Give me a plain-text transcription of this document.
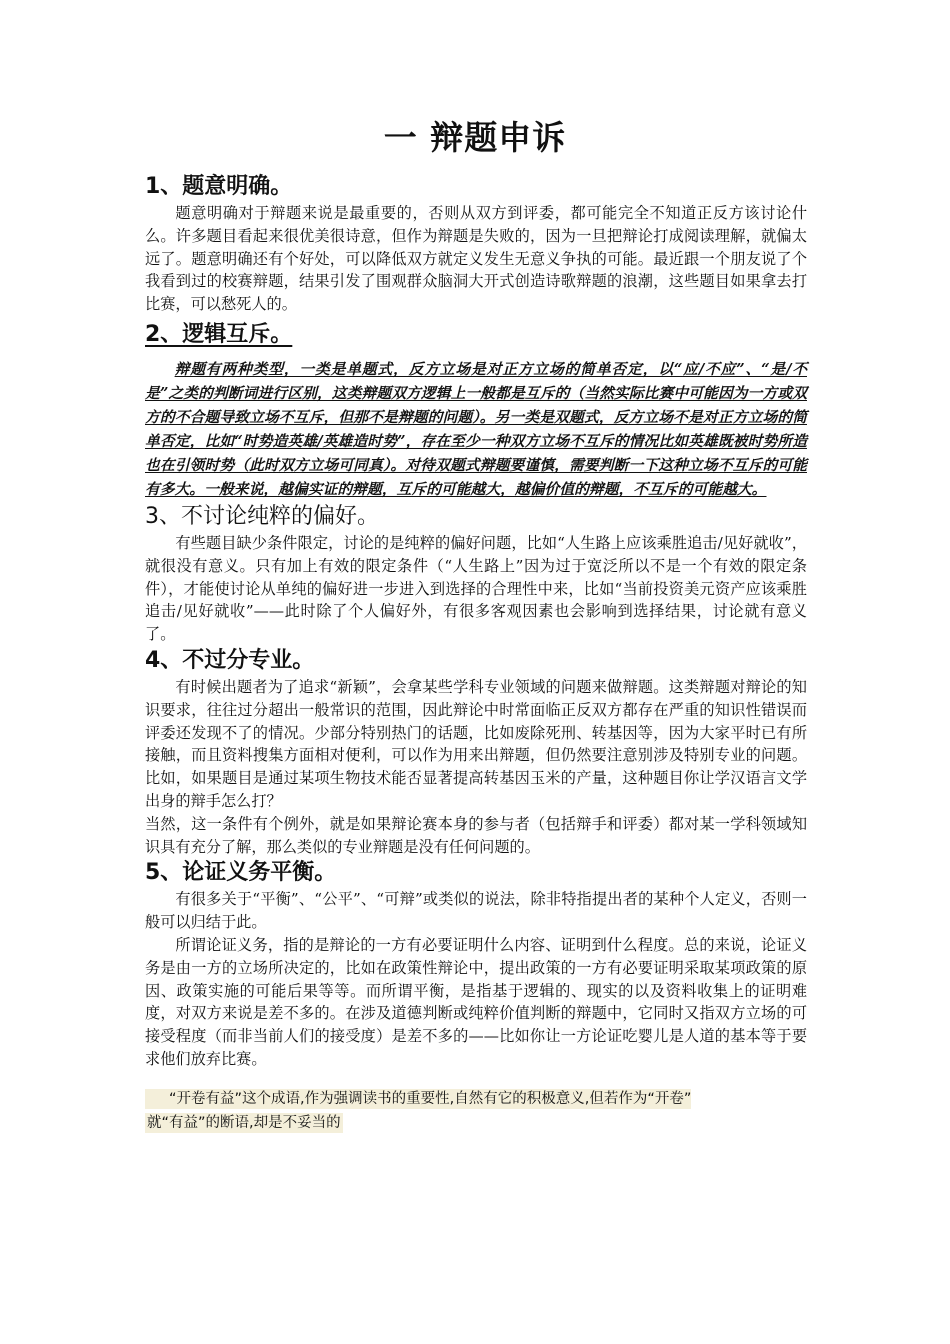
一 辩题申诉
1、题意明确。

题意明确对于辩题来说是最重要的，否则从双方到评委，都可能完全不知道正反方该讨论什么。许多题目看起来很优美很诗意，但作为辩题是失败的，因为一旦把辩论打成阅读理解，就偏太远了。题意明确还有个好处，可以降低双方就定义发生无意义争执的可能。最近跟一个朋友说了个我看到过的校赛辩题，结果引发了围观群众脑洞大开式创造诗歌辩题的浪潮，这些题目如果拿去打比赛，可以愁死人的。

2、逻辑互斥。

辩题有两种类型，一类是单题式，反方立场是对正方立场的简单否定，以“应/不应”、“是/不是”之类的判断词进行区别，这类辩题双方逻辑上一般都是互斥的（当然实际比赛中可能因为一方或双方的不合题导致立场不互斥，但那不是辩题的问题）。另一类是双题式，反方立场不是对正方立场的简单否定，比如“时势造英雄/英雄造时势”，存在至少一种双方立场不互斥的情况比如英雄既被时势所造也在引领时势（此时双方立场可同真）。对待双题式辩题要谨慎，需要判断一下这种立场不互斥的可能有多大。一般来说，越偏实证的辩题，互斥的可能越大，越偏价值的辩题，不互斥的可能越大。

3、不讨论纯粹的偏好。

有些题目缺少条件限定，讨论的是纯粹的偏好问题，比如“人生路上应该乘胜追击/见好就收”，就很没有意义。只有加上有效的限定条件（“人生路上”因为过于宽泛所以不是一个有效的限定条件），才能使讨论从单纯的偏好进一步进入到选择的合理性中来，比如“当前投资美元资产应该乘胜追击/见好就收”——此时除了个人偏好外，有很多客观因素也会影响到选择结果，讨论就有意义了。

4、不过分专业。

有时候出题者为了追求“新颖”，会拿某些学科专业领域的问题来做辩题。这类辩题对辩论的知识要求，往往过分超出一般常识的范围，因此辩论中时常面临正反双方都存在严重的知识性错误而评委还发现不了的情况。少部分特别热门的话题，比如废除死刑、转基因等，因为大家平时已有所接触，而且资料搜集方面相对便利，可以作为用来出辩题，但仍然要注意别涉及特别专业的问题。比如，如果题目是通过某项生物技术能否显著提高转基因玉米的产量，这种题目你让学汉语言文学出身的辩手怎么打？

当然，这一条件有个例外，就是如果辩论赛本身的参与者（包括辩手和评委）都对某一学科领域知识具有充分了解，那么类似的专业辩题是没有任何问题的。

5、论证义务平衡。

有很多关于“平衡”、“公平”、“可辩”或类似的说法，除非特指提出者的某种个人定义，否则一般可以归结于此。

所谓论证义务，指的是辩论的一方有必要证明什么内容、证明到什么程度。总的来说，论证义务是由一方的立场所决定的，比如在政策性辩论中，提出政策的一方有必要证明采取某项政策的原因、政策实施的可能后果等等。而所谓平衡，是指基于逻辑的、现实的以及资料收集上的证明难度，对双方来说是差不多的。在涉及道德判断或纯粹价值判断的辩题中，它同时又指双方立场的可接受程度（而非当前人们的接受度）是差不多的——比如你让一方论证吃婴儿是人道的基本等于要求他们放弃比赛。

“开卷有益”这个成语,作为强调读书的重要性,自然有它的积极意义,但若作为“开卷”
就“有益”的断语,却是不妥当的
